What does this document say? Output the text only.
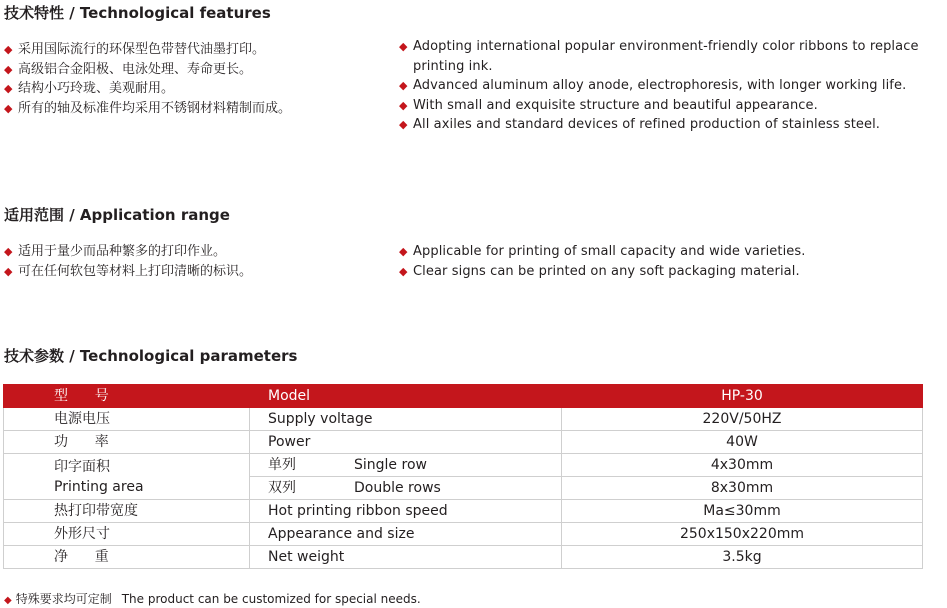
技术特性 / Technological features
◆ 采用国际流行的环保型色带替代油墨打印。
◆ 高级铝合金阳极、电泳处理、寿命更长。
◆ 结构小巧玲珑、美观耐用。
◆ 所有的轴及标准件均采用不锈钢材料精制而成。
◆ Adopting international popular environment-friendly color ribbons to replace printing ink.
◆ Advanced aluminum alloy anode, electrophoresis, with longer working life.
◆ With small and exquisite structure and beautiful appearance.
◆ All axiles and standard devices of refined production of stainless steel.
适用范围 / Application range
◆ 适用于量少而品种繁多的打印作业。
◆ 可在任何软包等材料上打印清晰的标识。
◆ Applicable for printing of small capacity and wide varieties.
◆ Clear signs can be printed on any soft packaging material.
技术参数 / Technological parameters
型      号	Model	HP-30
电源电压	Supply voltage	220V/50HZ
功      率	Power	40W

印字面积
Printing area	单列 Single row	4x30mm
	双列 Double rows	8x30mm
热打印带宽度	Hot printing ribbon speed	Ma≤30mm
外形尺寸	Appearance and size	250x150x220mm
净      重	Net weight	3.5kg
◆ 特殊要求均可定制 The product can be customized for special needs.
